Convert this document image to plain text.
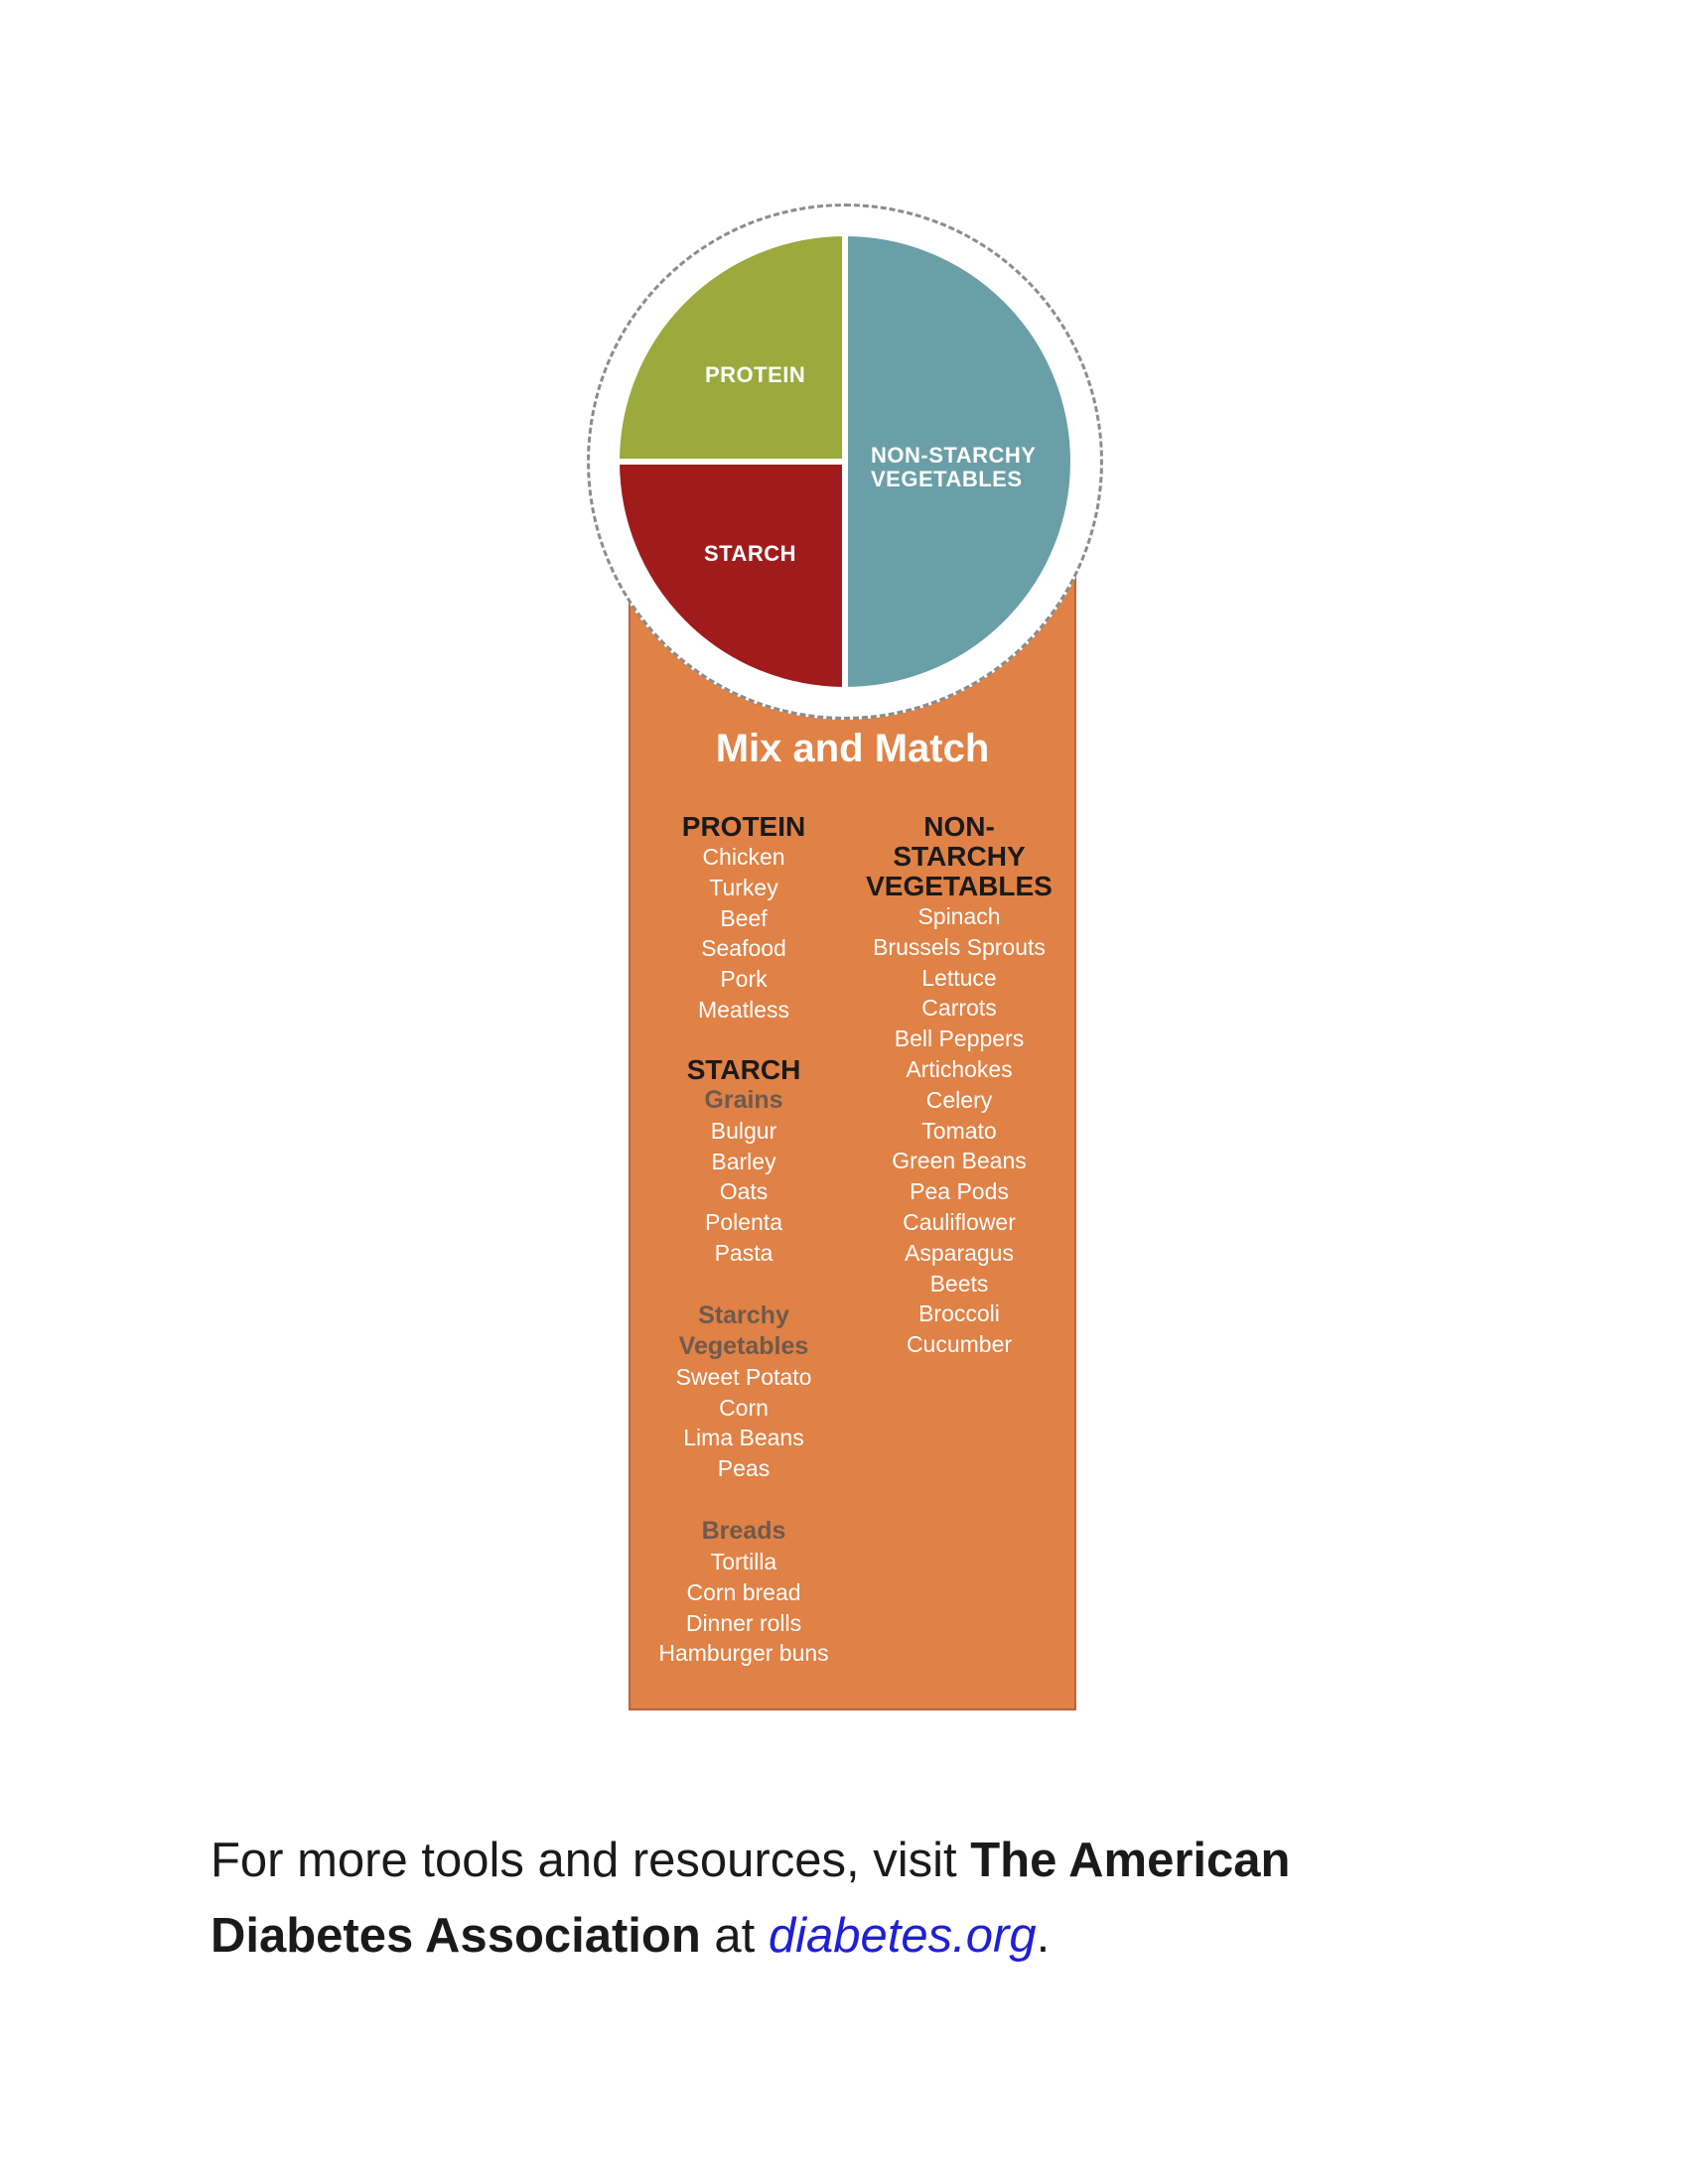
PROTEIN
STARCH
NON-STARCHY
VEGETABLES
Mix and Match
PROTEIN
Chicken
Turkey
Beef
Seafood
Pork
Meatless
STARCH
Grains
Bulgur
Barley
Oats
Polenta
Pasta
Starchy
Vegetables
Sweet Potato
Corn
Lima Beans
Peas
Breads
Tortilla
Corn bread
Dinner rolls
Hamburger buns
NON-
STARCHY
VEGETABLES
Spinach
Brussels Sprouts
Lettuce
Carrots
Bell Peppers
Artichokes
Celery
Tomato
Green Beans
Pea Pods
Cauliflower
Asparagus
Beets
Broccoli
Cucumber
For more tools and resources, visit The American Diabetes Association at diabetes.org.
